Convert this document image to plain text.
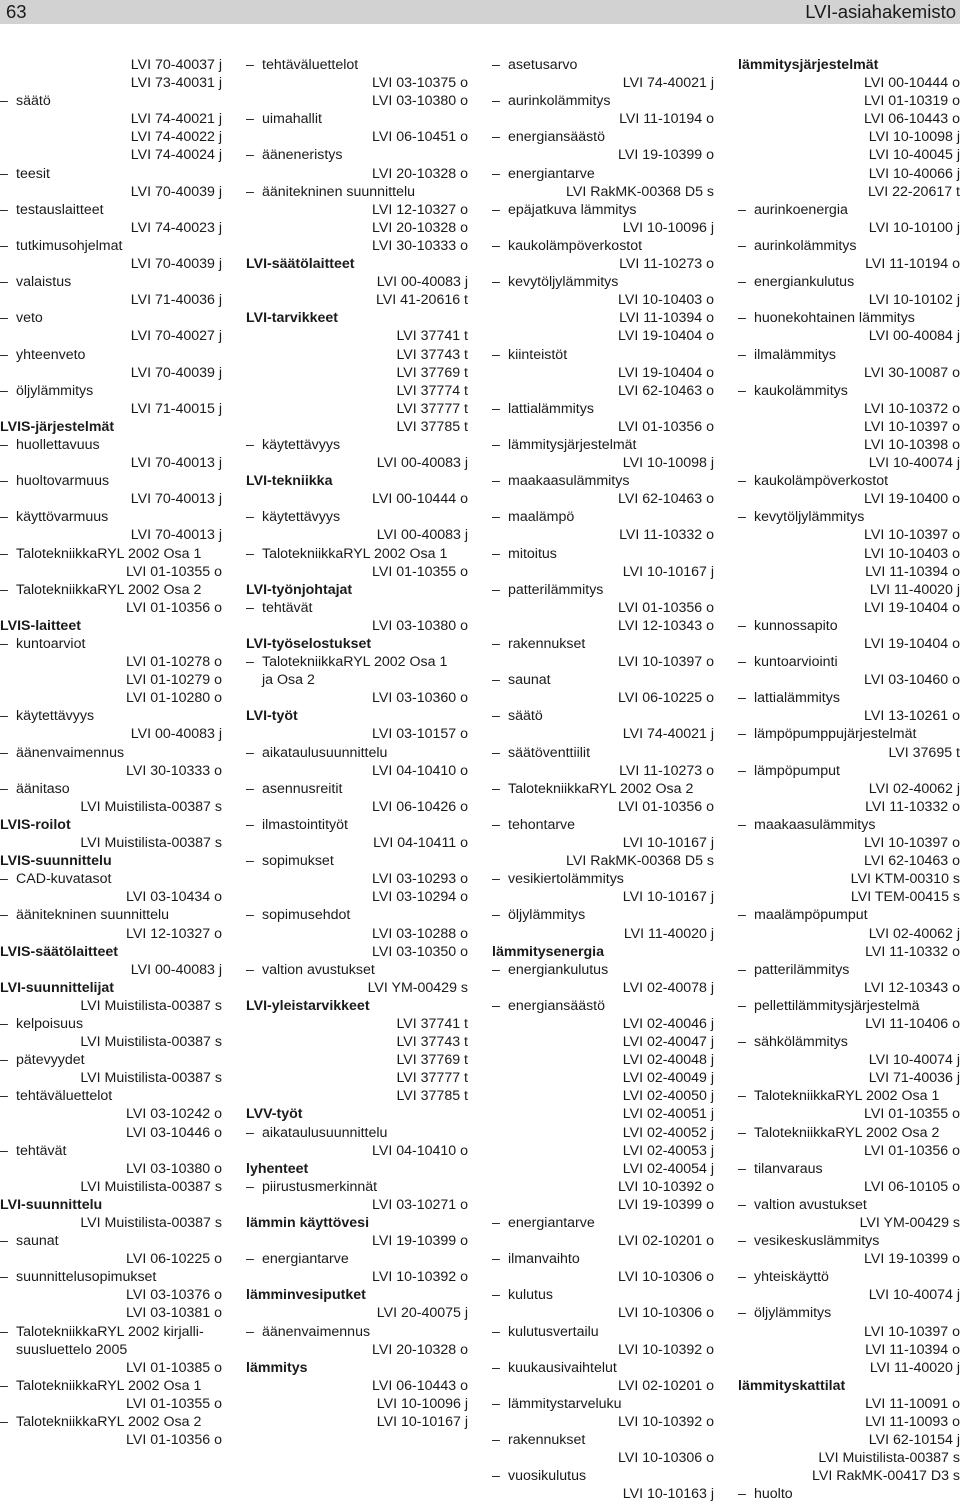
63	LVI-asiahakemisto
LVI 70-40037 j
LVI 73-40031 j
– säätö
LVI 74-40021 j
LVI 74-40022 j
LVI 74-40024 j
– teesit
LVI 70-40039 j
– testauslaitteet
LVI 74-40023 j
– tutkimusohjelmat
LVI 70-40039 j
– valaistus
LVI 71-40036 j
– veto
LVI 70-40027 j
– yhteenveto
LVI 70-40039 j
– öljylämmitys
LVI 71-40015 j
LVIS-järjestelmät
– huollettavuus
LVI 70-40013 j
– huoltovarmuus
LVI 70-40013 j
– käyttövarmuus
LVI 70-40013 j
– TalotekniikkaRYL 2002 Osa 1
LVI 01-10355 o
– TalotekniikkaRYL 2002 Osa 2
LVI 01-10356 o
LVIS-laitteet
– kuntoarviot
LVI 01-10278 o
LVI 01-10279 o
LVI 01-10280 o
– käytettävyys
LVI 00-40083 j
– äänenvaimennus
LVI 30-10333 o
– äänitaso
LVI Muistilista-00387 s
LVIS-roilot
LVI Muistilista-00387 s
LVIS-suunnittelu
– CAD-kuvatasot
LVI 03-10434 o
– äänitekninen suunnittelu
LVI 12-10327 o
LVIS-säätölaitteet
LVI 00-40083 j
LVI-suunnittelijat
LVI Muistilista-00387 s
– kelpoisuus
LVI Muistilista-00387 s
– pätevyydet
LVI Muistilista-00387 s
– tehtäväluettelot
LVI 03-10242 o
LVI 03-10446 o
– tehtävät
LVI 03-10380 o
LVI Muistilista-00387 s
LVI-suunnittelu
LVI Muistilista-00387 s
– saunat
LVI 06-10225 o
– suunnittelusopimukset
LVI 03-10376 o
LVI 03-10381 o
– TalotekniikkaRYL 2002 kirjalli-
suusluettelo 2005
LVI 01-10385 o
– TalotekniikkaRYL 2002 Osa 1
LVI 01-10355 o
– TalotekniikkaRYL 2002 Osa 2
LVI 01-10356 o
– tehtäväluettelot
LVI 03-10375 o
LVI 03-10380 o
– uimahallit
LVI 06-10451 o
– ääneneristys
LVI 20-10328 o
– äänitekninen suunnittelu
LVI 12-10327 o
LVI 20-10328 o
LVI 30-10333 o
LVI-säätölaitteet
LVI 00-40083 j
LVI 41-20616 t
LVI-tarvikkeet
LVI 37741 t
LVI 37743 t
LVI 37769 t
LVI 37774 t
LVI 37777 t
LVI 37785 t
– käytettävyys
LVI 00-40083 j
LVI-tekniikka
LVI 00-10444 o
– käytettävyys
LVI 00-40083 j
– TalotekniikkaRYL 2002 Osa 1
LVI 01-10355 o
LVI-työnjohtajat
– tehtävät
LVI 03-10380 o
LVI-työselostukset
– TalotekniikkaRYL 2002 Osa 1
ja Osa 2
LVI 03-10360 o
LVI-työt
LVI 03-10157 o
– aikataulusuunnittelu
LVI 04-10410 o
– asennusreitit
LVI 06-10426 o
– ilmastointityöt
LVI 04-10411 o
– sopimukset
LVI 03-10293 o
LVI 03-10294 o
– sopimusehdot
LVI 03-10288 o
LVI 03-10350 o
– valtion avustukset
LVI YM-00429 s
LVI-yleistarvikkeet
LVI 37741 t
LVI 37743 t
LVI 37769 t
LVI 37777 t
LVI 37785 t
LVV-työt
– aikataulusuunnittelu
LVI 04-10410 o
lyhenteet
– piirustusmerkinnät
LVI 03-10271 o
lämmin käyttövesi
LVI 19-10399 o
– energiantarve
LVI 10-10392 o
lämminvesiputket
LVI 20-40075 j
– äänenvaimennus
LVI 20-10328 o
lämmitys
LVI 06-10443 o
LVI 10-10096 j
LVI 10-10167 j
– asetusarvo
LVI 74-40021 j
– aurinkolämmitys
LVI 11-10194 o
– energiansäästö
LVI 19-10399 o
– energiantarve
LVI RakMK-00368 D5 s
– epäjatkuva lämmitys
LVI 10-10096 j
– kaukolämpöverkostot
LVI 11-10273 o
– kevytöljylämmitys
LVI 10-10403 o
LVI 11-10394 o
LVI 19-10404 o
– kiinteistöt
LVI 19-10404 o
LVI 62-10463 o
– lattialämmitys
LVI 01-10356 o
– lämmitysjärjestelmät
LVI 10-10098 j
– maakaasulämmitys
LVI 62-10463 o
– maalämpö
LVI 11-10332 o
– mitoitus
LVI 10-10167 j
– patterilämmitys
LVI 01-10356 o
LVI 12-10343 o
– rakennukset
LVI 10-10397 o
– saunat
LVI 06-10225 o
– säätö
LVI 74-40021 j
– säätöventtiilit
LVI 11-10273 o
– TalotekniikkaRYL 2002 Osa 2
LVI 01-10356 o
– tehontarve
LVI 10-10167 j
LVI RakMK-00368 D5 s
– vesikiertolämmitys
LVI 10-10167 j
– öljylämmitys
LVI 11-40020 j
lämmitysenergia
– energiankulutus
LVI 02-40078 j
– energiansäästö
LVI 02-40046 j
LVI 02-40047 j
LVI 02-40048 j
LVI 02-40049 j
LVI 02-40050 j
LVI 02-40051 j
LVI 02-40052 j
LVI 02-40053 j
LVI 02-40054 j
LVI 10-10392 o
LVI 19-10399 o
– energiantarve
LVI 02-10201 o
– ilmanvaihto
LVI 10-10306 o
– kulutus
LVI 10-10306 o
– kulutusvertailu
LVI 10-10392 o
– kuukausivaihtelut
LVI 02-10201 o
– lämmitystarveluku
LVI 10-10392 o
– rakennukset
LVI 10-10306 o
– vuosikulutus
LVI 10-10163 j
lämmitysjärjestelmät
LVI 00-10444 o
LVI 01-10319 o
LVI 06-10443 o
LVI 10-10098 j
LVI 10-40045 j
LVI 10-40066 j
LVI 22-20617 t
– aurinkoenergia
LVI 10-10100 j
– aurinkolämmitys
LVI 11-10194 o
– energiankulutus
LVI 10-10102 j
– huonekohtainen lämmitys
LVI 00-40084 j
– ilmalämmitys
LVI 30-10087 o
– kaukolämmitys
LVI 10-10372 o
LVI 10-10397 o
LVI 10-10398 o
LVI 10-40074 j
– kaukolämpöverkostot
LVI 19-10400 o
– kevytöljylämmitys
LVI 10-10397 o
LVI 10-10403 o
LVI 11-10394 o
LVI 11-40020 j
LVI 19-10404 o
– kunnossapito
LVI 19-10404 o
– kuntoarviointi
LVI 03-10460 o
– lattialämmitys
LVI 13-10261 o
– lämpöpumppujärjestelmät
LVI 37695 t
– lämpöpumput
LVI 02-40062 j
LVI 11-10332 o
– maakaasulämmitys
LVI 10-10397 o
LVI 62-10463 o
LVI KTM-00310 s
LVI TEM-00415 s
– maalämpöpumput
LVI 02-40062 j
LVI 11-10332 o
– patterilämmitys
LVI 12-10343 o
– pellettilämmitysjärjestelmä
LVI 11-10406 o
– sähkölämmitys
LVI 10-40074 j
LVI 71-40036 j
– TalotekniikkaRYL 2002 Osa 1
LVI 01-10355 o
– TalotekniikkaRYL 2002 Osa 2
LVI 01-10356 o
– tilanvaraus
LVI 06-10105 o
– valtion avustukset
LVI YM-00429 s
– vesikeskuslämmitys
LVI 19-10399 o
– yhteiskäyttö
LVI 10-40074 j
– öljylämmitys
LVI 10-10397 o
LVI 11-10394 o
LVI 11-40020 j
lämmityskattilat
LVI 11-10091 o
LVI 11-10093 o
LVI 62-10154 j
LVI Muistilista-00387 s
LVI RakMK-00417 D3 s
– huolto
